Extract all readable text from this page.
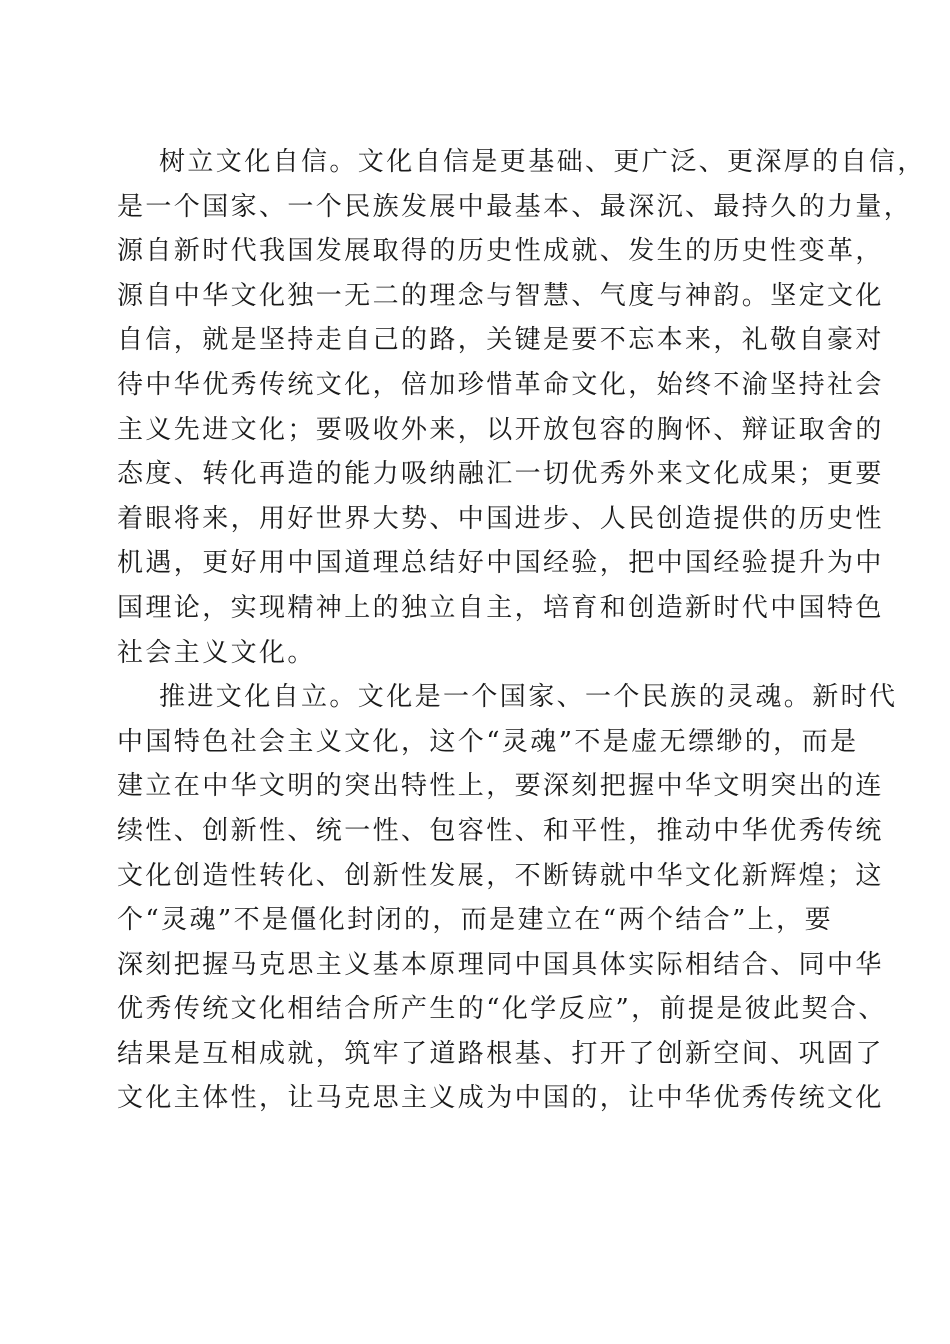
树立文化自信。文化自信是更基础、更广泛、更深厚的自信，
是一个国家、一个民族发展中最基本、最深沉、最持久的力量，
源自新时代我国发展取得的历史性成就、发生的历史性变革，
源自中华文化独一无二的理念与智慧、气度与神韵。坚定文化
自信，就是坚持走自己的路，关键是要不忘本来，礼敬自豪对
待中华优秀传统文化，倍加珍惜革命文化，始终不渝坚持社会
主义先进文化；要吸收外来，以开放包容的胸怀、辩证取舍的
态度、转化再造的能力吸纳融汇一切优秀外来文化成果；更要
着眼将来，用好世界大势、中国进步、人民创造提供的历史性
机遇，更好用中国道理总结好中国经验，把中国经验提升为中
国理论，实现精神上的独立自主，培育和创造新时代中国特色
社会主义文化。
推进文化自立。文化是一个国家、一个民族的灵魂。新时代
中国特色社会主义文化，这个“灵魂”不是虚无缥缈的，而是
建立在中华文明的突出特性上，要深刻把握中华文明突出的连
续性、创新性、统一性、包容性、和平性，推动中华优秀传统
文化创造性转化、创新性发展，不断铸就中华文化新辉煌；这
个“灵魂”不是僵化封闭的，而是建立在“两个结合”上，要
深刻把握马克思主义基本原理同中国具体实际相结合、同中华
优秀传统文化相结合所产生的“化学反应”，前提是彼此契合、
结果是互相成就，筑牢了道路根基、打开了创新空间、巩固了
文化主体性，让马克思主义成为中国的，让中华优秀传统文化
